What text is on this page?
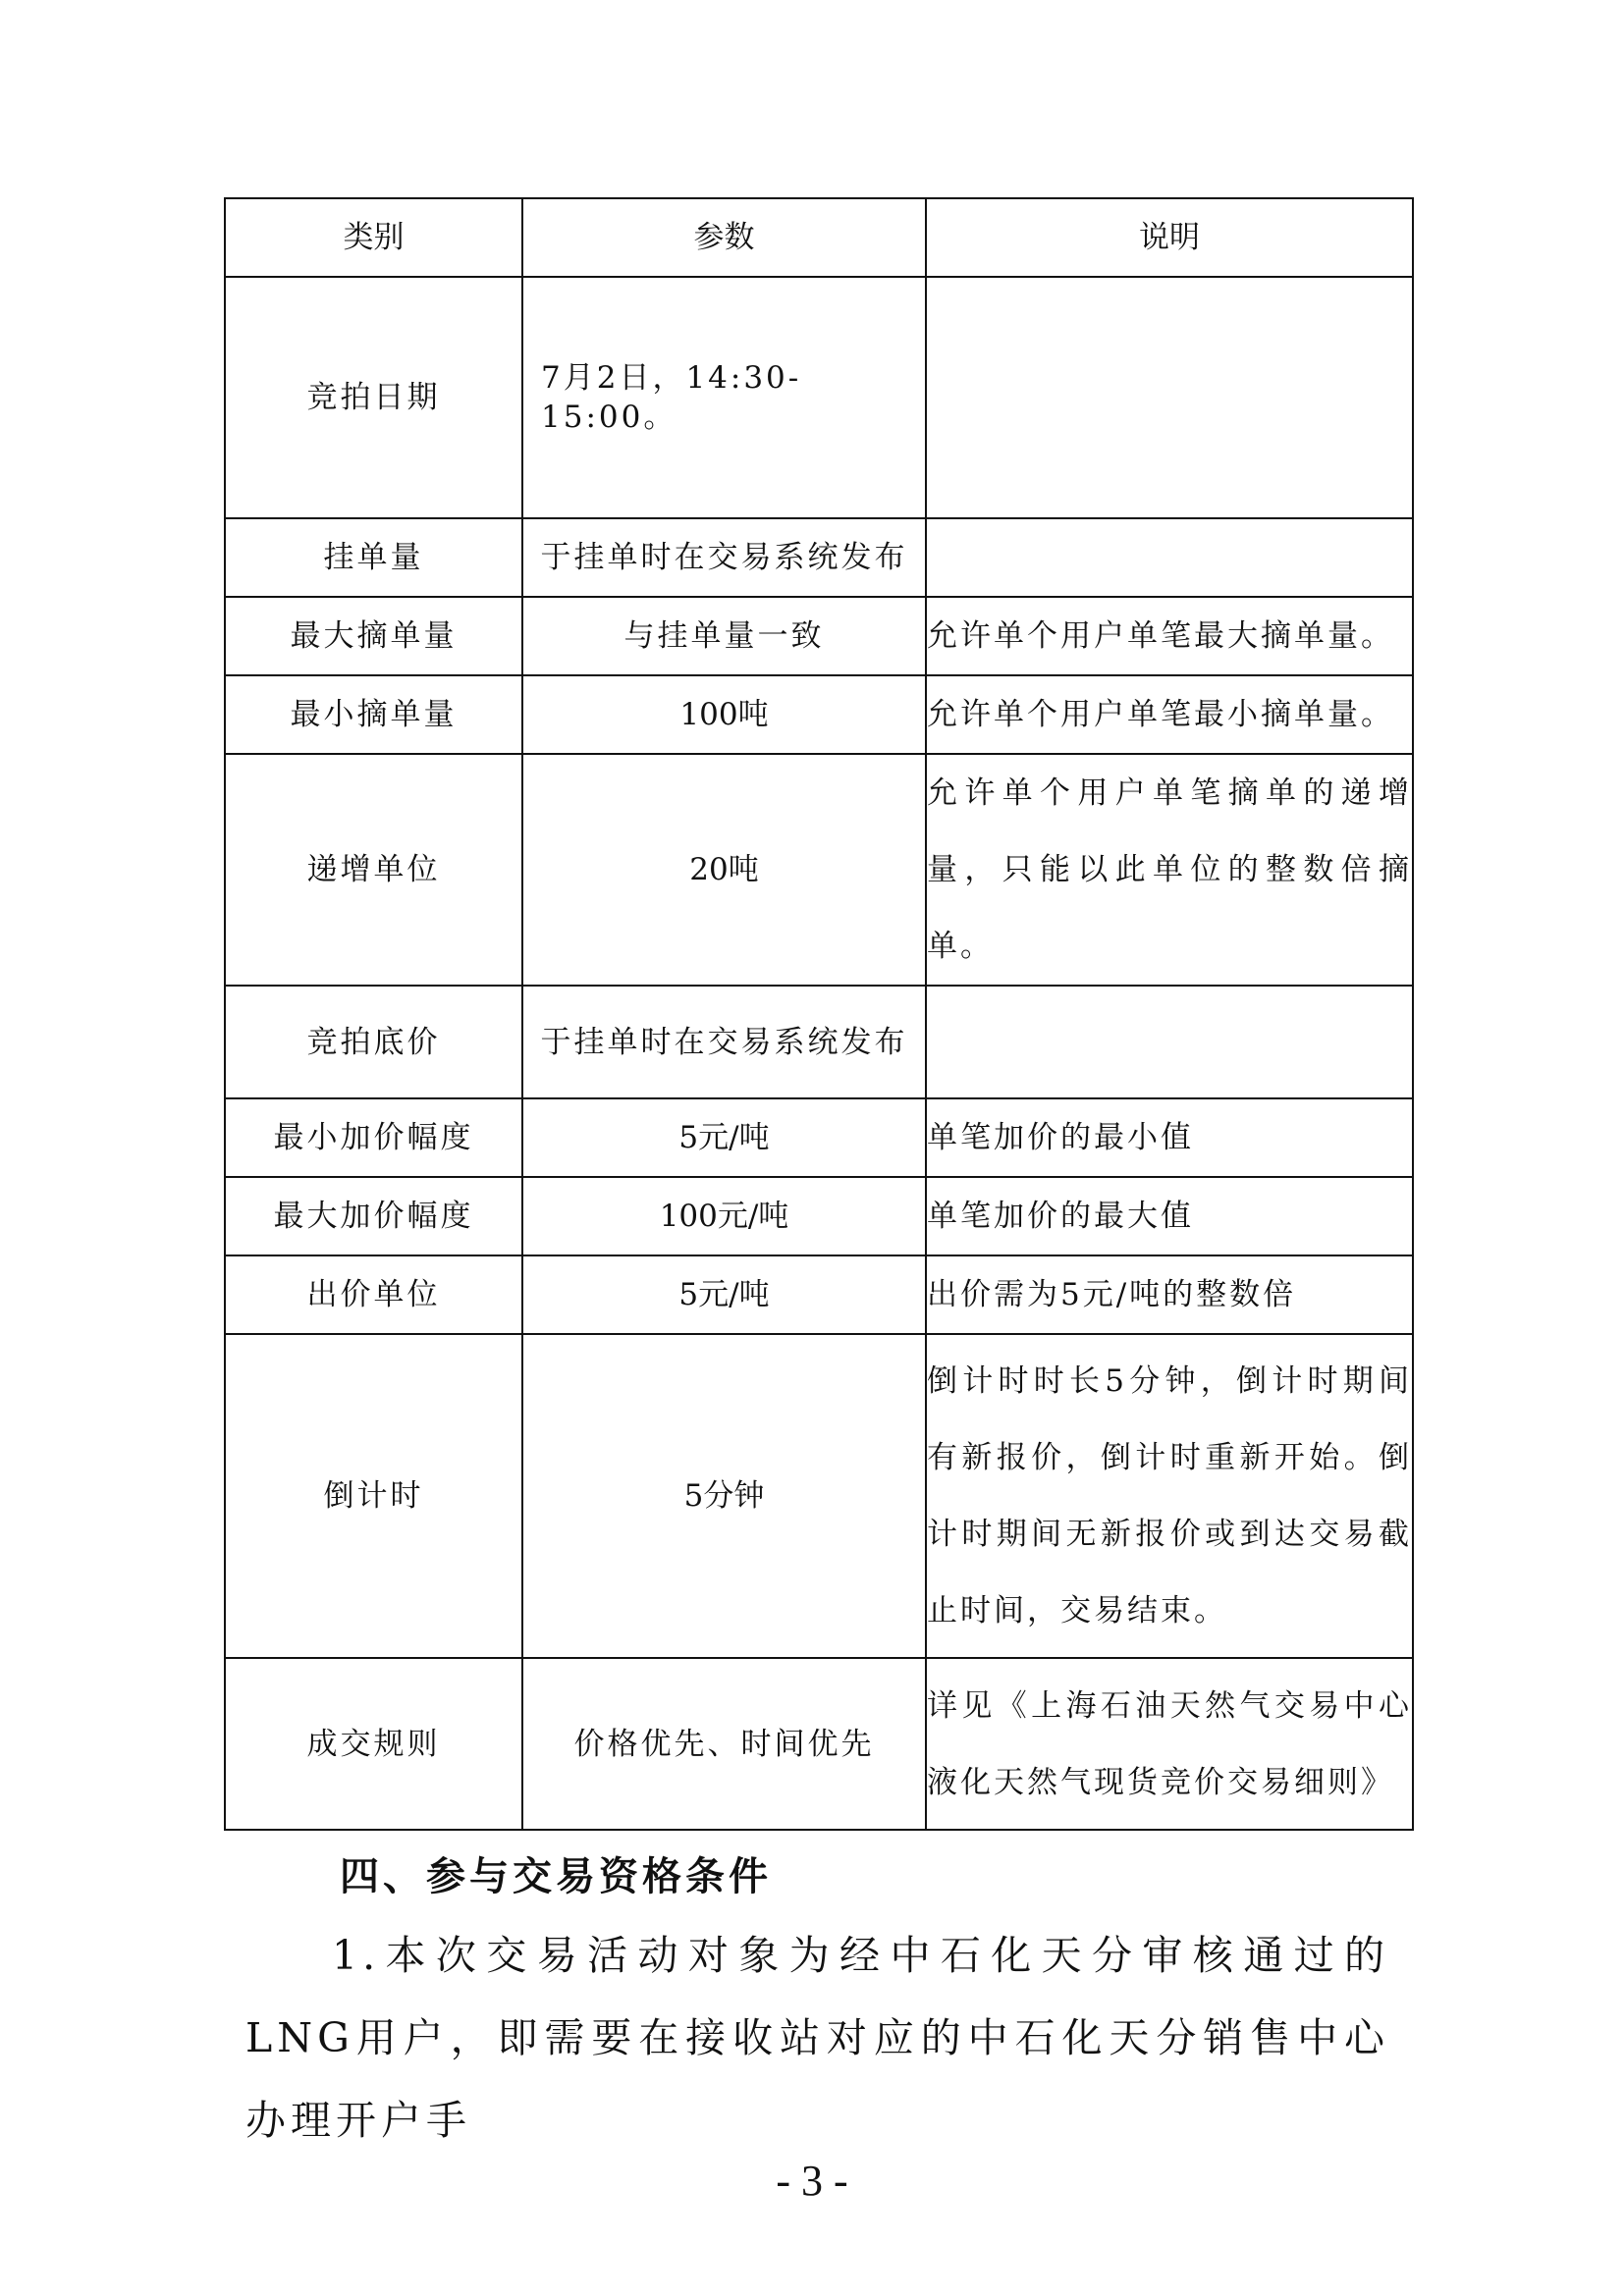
类别	参数	说明
竞拍日期	7月2日，14:30-15:00。	
挂单量	于挂单时在交易系统发布	
最大摘单量	与挂单量一致	允许单个用户单笔最大摘单量。
最小摘单量	100吨	允许单个用户单笔最小摘单量。
递增单位	20吨	允许单个用户单笔摘单的递增量，只能以此单位的整数倍摘单。
竞拍底价	于挂单时在交易系统发布	
最小加价幅度	5元/吨	单笔加价的最小值
最大加价幅度	100元/吨	单笔加价的最大值
出价单位	5元/吨	出价需为5元/吨的整数倍
倒计时	5分钟	倒计时时长5分钟，倒计时期间有新报价，倒计时重新开始。倒计时期间无新报价或到达交易截止时间，交易结束。
成交规则	价格优先、时间优先	详见《上海石油天然气交易中心液化天然气现货竞价交易细则》
四、参与交易资格条件

1.本次交易活动对象为经中石化天分审核通过的LNG用户，即需要在接收站对应的中石化天分销售中心办理开户手

- 3 -
